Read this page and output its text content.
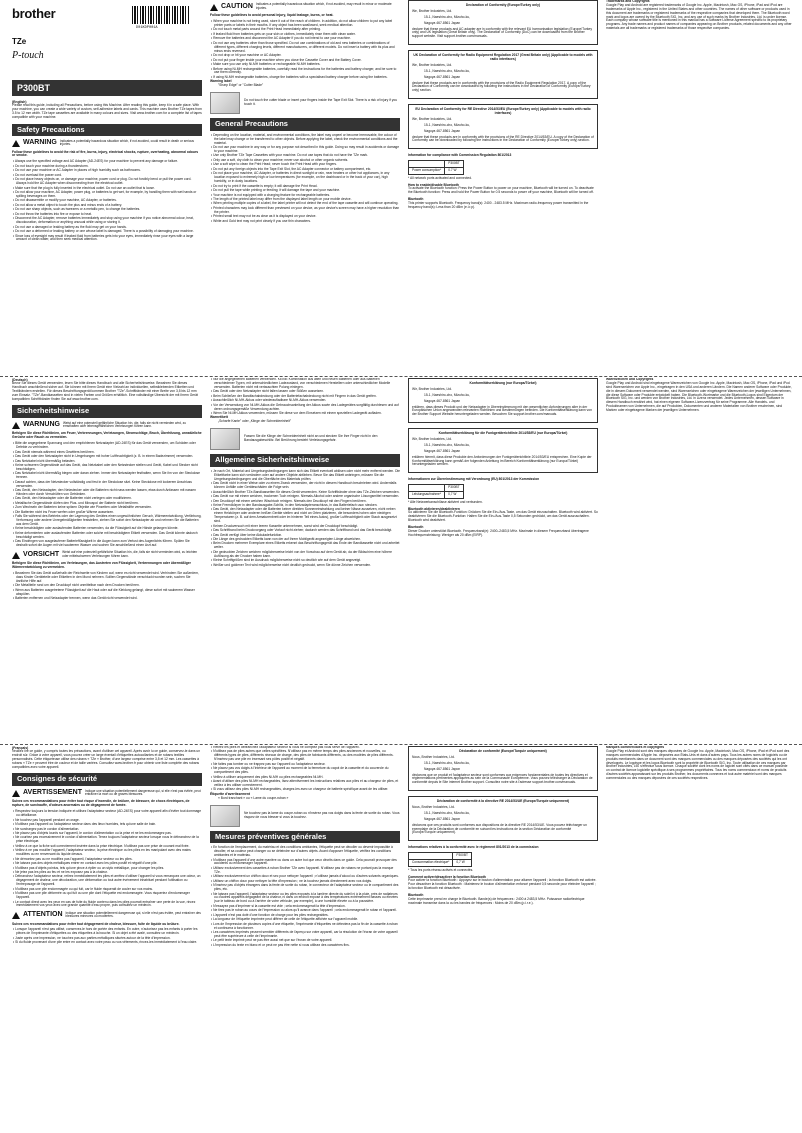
brother
D01KDP001A
TZe
P-touch
P300BT
(English)

Please read this guide, including all Precautions, before using this Machine. After reading this guide, keep it in a safe place. With your machine, you can create a wide variety of custom, self-adhesive labels and cards. This machine uses Brother TZe tapes from 3.5 to 12 mm width. TZe tape cassettes are available in many colours and sizes. Visit www.brother.com for a complete list of tapes compatible with your machine.

Safety Precautions
WARNING Indicates a potentially hazardous situation which, if not avoided, could result in death or serious injuries.

Follow these guidelines to avoid the risk of fire, burns, injury, electrical shocks, rupture, overheating, abnormal odours or smoke.

• Always use the specified voltage and AC Adapter (AD-24ES) for your machine to prevent any damage or failure.
• Do not touch your machine during a thunderstorm.
• Do not use your machine or AC Adapter in places of high humidity such as bathrooms.
• Do not overload the power cord.
• Do not place heavy objects on, or damage your machine, power cord or plug. Do not forcibly bend or pull the power cord. Always hold the AC Adapter when disconnecting from the electrical outlet.
• Make sure that the plug is fully inserted in the electrical outlet. Do not use an outlet that is loose.
• Do not allow your machine, AC Adapter, power plug, or batteries to get wet, for example, by handling them with wet hands or spilling beverages on them.
• Do not disassemble or modify your machine, AC Adapter, or batteries.
• Do not allow a metal object to touch the plus and minus ends of a battery.
• Do not use sharp objects, such as tweezers or a metallic pen, to change the batteries.
• Do not throw the batteries into fire or expose to heat.
• Disconnect the AC Adapter, remove batteries immediately and stop using your machine if you notice abnormal odour, heat, discolouration, deformation or anything unusual while using or storing it.
• Do not use a damaged or leaking battery as the fluid may get on your hands.
• Do not use a deformed or leaking battery or one whose label is damaged. There is a possibility of damaging your machine.
• Since loss of eyesight may result if leaked fluid from batteries gets into your eyes, immediately rinse your eyes with a large amount of clean water, and then seek medical attention.
CAUTION Indicates a potentially hazardous situation which, if not avoided, may result in minor or moderate injuries.

Follow these guidelines to avoid personal injury, liquid leakage, burns, or heat.

• When your machine is not being used, store it out of the reach of children. In addition, do not allow children to put any label printer parts or labels in their mouths. If any object has been swallowed, seek medical attention.
• Do not touch metal parts around the Print Head immediately after printing.
• If leaked fluid from batteries gets on your skin or clothes, immediately rinse them with clean water.
• Remove the batteries and disconnect the AC Adapter if you do not intend to use your machine.
• Do not use any batteries other than those specified. Do not use combinations of old and new batteries or combinations of different types, different charging levels, different manufacturers, or different models. Do not insert a battery with its plus and minus ends reversed.
• Do not drop or hit your machine or AC Adapter.
• Do not put your finger inside your machine when you close the Cassette Cover and the Battery Cover.
• Make sure you use only Ni-MH batteries or rechargeable Ni-MH batteries.
• Before using Ni-MH rechargeable batteries, carefully read the instructions for the batteries and battery charger, and be sure to use them correctly.
• If using Ni-MH rechargeable batteries, charge the batteries with a specialised battery charger before using the batteries.
Warning label
"Sharp Edge" or "Cutter Blade"
Do not touch the cutter blade or insert your fingers inside the Tape Exit Slot. There is a risk of injury if you touch it.
General Precautions
• Depending on the location, material, and environmental conditions, the label may unpeel or become irremovable, the colour of the label may change or be transferred to other objects. Before applying the label, check the environmental conditions and the material.
• Do not use your machine in any way or for any purpose not described in this guide. Doing so may result in accidents or damage to your machine.
• Use only Brother TZe Tape Cassettes with your machine. Do not use tapes that do not have the TZe mark.
• Only use a soft, dry cloth to clean your machine; never use alcohol or other organic solvents.
• Use a soft wipe to clean the Print Head; never touch the Print Head with your fingers.
• Do not put any foreign objects into the Tape Exit Slot, the AC Adapter connector or battery compartment, etc.
• Do not place your machine, AC Adapter, or batteries in direct sunlight or rain, near heaters or other hot appliances, in any location exposed to extremely high or low temperatures (for example, on the dashboard or in the back of your car), high humidity, or in dusty locations.
• Do not try to print if the cassette is empty; it will damage the Print Head.
• Do not pull the tape while printing or feeding; it will damage the tape and your machine.
• Your machine is not equipped with a charging feature for rechargeable batteries.
• The length of the printed label may differ from the displayed label length on your mobile device.
• When printing multiple copies of a label, the label printer will not detect the end of the tape cassette and will continue operating.
• Printed characters may look different than previewed on your device, as your device's screen may have a higher resolution than the printer.
• Printed small text may not be as clear as it is displayed on your device.
• White and Gold text may not print clearly if you use thin characters.
Declaration of Conformity (Europe/Turkey only)
We, Brother Industries, Ltd.
15-1, Naeshiro-cho, Mizuho-ku,
Nagoya 467-8561 Japan

declare that these products and AC adapter are in conformity with the relevant EU harmonisation legislation (Europe/Turkey only) and UK legislation (Great Britain only). The Declaration of Conformity (DoC) can be downloaded from the Brother support website. Visit support.brother.com/manuals.

UK Declaration of Conformity for Radio Equipment Regulation 2017 (Great Britain only) (Applicable to models with radio interfaces)
We, Brother Industries, Ltd.
15-1, Naeshiro-cho, Mizuho-ku,
Nagoya 467-8561 Japan

declare that these products are in conformity with the provisions of the Radio Equipment Regulation 2017. A copy of the Declaration of Conformity can be downloaded by following the instructions in the Declaration of Conformity (Europe/Turkey only) section.

EU Declaration of Conformity for RE Directive 2014/53/EU (Europe/Turkey only) (Applicable to models with radio interfaces)
We, Brother Industries, Ltd.
15-1, Naeshiro-cho, Mizuho-ku,
Nagoya 467-8561 Japan

declare that these products are in conformity with the provisions of the RE Directive 2014/53/EU. A copy of the Declaration of Conformity can be downloaded by following the instructions in the Declaration of Conformity (Europe/Turkey only) section.

Information for compliance with Commission Regulation 801/2013
	P300BT
Power consumption*	0.7 W
* All network ports activated and connected.
How to enable/disable Bluetooth

To activate the Bluetooth function: Press the Power Button to power on your machine, Bluetooth will be turned on. To deactivate the Bluetooth function: Press and hold the Power Button for 0.5 seconds to power off your machine, Bluetooth will be turned off.

Bluetooth

This printer supports Bluetooth. Frequency band(s): 2400 - 2483.5 MHz. Maximum radio-frequency power transmitted in the frequency band(s): Less than 20 dBm (e.i.r.p).

Trademarks and Copyrights

Google Play and Android are registered trademarks of Google Inc. Apple, Macintosh, Mac OS, iPhone, iPad and iPod are trademarks of Apple Inc., registered in the United States and other countries. The names of other software or products used in this document are trademarks or registered trademarks of the respective companies that developed them. The Bluetooth word mark and logos are owned by the Bluetooth SIG, Inc. and any use of such marks by Brother Industries, Ltd. is under license. Each company whose software title is mentioned in this manual has a Software License Agreement specific to its proprietary programs. Any trade names and product names of companies appearing on Brother products, related documents and any other materials are all trademarks or registered trademarks of those respective companies.

(Deutsch)

Bevor Sie dieses Gerät verwenden, lesen Sie bitte dieses Handbuch und alle Sicherheitshinweise. Bewahren Sie dieses Handbuch anschließend sicher auf. Sie können mit Ihrem Gerät eine Vielzahl an individuellen, selbstklebenden Etiketten und Textilbändern erstellen. Für dieses Beschriftungsgerät kommen Brother "TZe"-Schriftbänder mit einer Breite von 3,5 bis 12 mm zum Einsatz. "TZe"-Bandkassetten sind in vielen Farben und Größen erhältlich. Eine vollständige Übersicht der mit Ihrem Gerät kompatiblen Schriftbänder finden Sie auf www.brother.com.

Sicherheitshinweise
WARNUNG Weist auf eine potenziell gefährliche Situation hin, die, falls sie nicht vermieden wird, zu ernsthaften oder lebensgefährlichen Verletzungen führen kann.

Befolgen Sie diese Richtlinien, um Feuer, Verbrennungen, Verletzungen, Stromschläge, Bruch, Überhitzung, unnatürliche Gerüche oder Rauch zu vermeiden.

• Bitte die angegebene Spannung und den empfohlenen Netzadapter (AD-24ES) für das Gerät verwenden, um Schäden oder Defekte zu verhindern.
• Das Gerät niemals während eines Gewitters berühren.
• Das Gerät oder den Netzadapter nicht in Umgebungen mit hoher Luftfeuchtigkeit (z. B. in einem Badezimmer) verwenden.
• Das Netzkabel nicht übermäßig belasten.
• Keine schweren Gegenstände auf das Gerät, das Netzkabel oder den Netzstecker stellen und Gerät, Kabel und Stecker nicht beschädigen.
• Das Netzkabel nicht übermäßig biegen oder daran ziehen. Immer den Netzadapter festhalten, wenn Sie ihn von der Steckdose trennen.
• Darauf achten, dass der Netzstecker vollständig und fest in der Steckdose sitzt. Keine Steckdose mit lockerem Anschluss verwenden.
• Das Gerät, den Netzadapter, den Netzstecker oder die Batterien nicht nass werden lassen, etwa durch Anfassen mit nassen Händen oder durch Verschütten von Getränken.
• Das Gerät, den Netzadapter oder die Batterien nicht zerlegen oder modifizieren.
• Metallische Gegenstände dürfen den Plus- und Minuspol der Batterie nicht berühren.
• Zum Wechseln der Batterien keine spitzen Objekte wie Pinzetten oder Metallstifte verwenden.
• Die Batterien nicht ins Feuer werfen oder großer Wärme aussetzen.
• Falls Sie während des Betriebs oder der Lagerung des Gerätes einen ungewöhnlichen Geruch, Wärmeentwicklung, Verfärbung, Verformung oder andere Unregelmäßigkeiten feststellen, ziehen Sie sofort den Netzadapter ab und nehmen Sie die Batterien aus dem Gerät.
• Keine beschädigten oder auslaufenden Batterien verwenden, da die Flüssigkeit auf die Hände gelangen könnte.
• Keine deformierten oder auslaufenden Batterien oder solche mit beschädigtem Etikett verwenden. Das Gerät könnte dadurch beschädigt werden.
• Das Eindringen von ausgelaufener Batterieflüssigkeit in die Augen kann zum Verlust des Augenlichts führen. Spülen Sie deshalb sofort die Augen mit viel sauberem Wasser und suchen Sie anschließend einen Arzt auf.
VORSICHT Weist auf eine potenziell gefährliche Situation hin, die, falls sie nicht vermieden wird, zu leichten oder mittelschweren Verletzungen führen kann.

Befolgen Sie diese Richtlinien, um Verletzungen, das Austreten von Flüssigkeit, Verbrennungen oder übermäßiger Wärmeentwicklung zu vermeiden.

• Bewahren Sie das Gerät außerhalb der Reichweite von Kindern auf, wenn es nicht verwendet wird. Verhindern Sie außerdem, dass Kinder Geräteteile oder Etiketten in den Mund nehmen. Sollten Gegenstände verschluckt worden sein, suchen Sie ärztliche Hilfe auf.
• Die Metallteile rund um den Druckkopf nicht unmittelbar nach dem Drucken berühren.
• Wenn aus Batterien ausgetretene Flüssigkeit auf die Haut oder auf die Kleidung gelangt, diese sofort mit sauberem Wasser abspülen.
• Batterien entfernen und Netzadapter trennen, wenn das Gerät nicht verwendet wird.
• Nur die angegebenen Batterien verwenden. KEINE Kombination aus alten und neuen Batterien oder aus Batterien verschiedener Typen, mit unterschiedlichem Ladezustand, von verschiedenen Herstellern oder unterschiedlicher Modelle verwenden. Batterien nicht mit vertauschten Polung einlegen.
• Das Gerät oder den Netzadapter nicht fallen lassen oder Stößen aussetzen.
• Beim Schließen der Bandfachabdeckung oder der Batteriefachabdeckung nicht mit Fingern in das Gerät greifen.
• Ausschließlich Ni-MH-Akkus oder wiederaufladbare Ni-MH-Akkus verwenden.
• Vor der Verwendung von Ni-MH-Akkus die Gebrauchsanleitung der Akkus sowie des Ladegerätes sorgfältig durchlesen und auf deren ordnungsgemäße Verwendung achten.
• Wenn Sie Ni-MH-Akkus verwenden, müssen Sie diese vor dem Einsetzen mit einem speziellen Ladegerät aufladen.
Warnetikett
„Scharfe Kante" oder „Klinge der Schneideeinheit"
Fassen Sie die Klinge der Schneideeinheit nicht an und stecken Sie Ihre Finger nicht in den Bandausgabeschlitz. Bei Berührung besteht Verletzungsgefahr.
Allgemeine Sicherheitshinweise
• Je nach Ort, Material und Umgebungsbedingungen kann sich das Etikett eventuell ablösen oder nicht mehr entfernt werden. Die Etikettfarbe kann sich verändern oder auf andere Objekte abfärben. Bevor Sie das Etikett anbringen, müssen Sie die Umgebungsbedingungen und die Oberfläche des Materials prüfen.
• Das Gerät nicht in einer Weise oder zu einem Zweck verwenden, der nicht in diesem Handbuch beschrieben wird. Andernfalls können Unfälle oder Geräteschäden die Folge sein.
• Ausschließlich Brother TZe-Bandkassetten für dieses Gerät verwenden. Keine Schriftbänder ohne das TZe-Zeichen verwenden.
• Das Gerät nur mit einem weichen, trockenen Tuch reinigen. Niemals Alkohol oder andere organische Lösungsmittel verwenden.
• Den Druckkopf mit einem weichen Wischtuch reinigen. Niemals den Druckkopf mit den Fingern berühren.
• Keine Fremdkörper in den Bandausgabe-Schlitz, in den Netzadapteranschluss, in das Batteriefach usw. stecken.
• Das Gerät, den Netzadapter oder die Batterien keiner direkten Sonneneinstrahlung und keiner Nässe aussetzen, nicht neben einem Heizkörper oder anderen heißen Geräte stellen und nicht an Orten platzieren, die besonders hohen oder niedrigen Temperaturen (z. B. auf dem Armaturenbrett oder im hinteren Teil eines Autos), großer Luftfeuchtigkeit oder Staub ausgesetzt sind.
• Keinen Druckversuch mit einer leeren Kassette unternehmen, sonst wird der Druckkopf beschädigt.
• Das Schriftband beim Druckvorgang oder Vorlauf nicht ziehen; dadurch werden das Schriftband und das Gerät beschädigt.
• Das Gerät verfügt über keine Akkuladefunktion.
• Die Länge des gedruckten Etiketts kann von der auf Ihrem Mobilgerät angezeigten Länge abweichen.
• Beim Drucken mehrerer Exemplare eines Etiketts erkennt das Beschriftungsgerät das Ende der Bandkassette nicht und arbeitet weiter.
• Die gedruckten Zeichen weichen möglicherweise leicht von der Vorschau auf dem Gerät ab, da der Bildschirm eine höhere Auflösung als der Drucker haben kann.
• Kleine Schriftgrößen sind im Ausdruck möglicherweise nicht so deutlich wie auf dem Gerät angezeigt.
• Weißer und goldener Text wird möglicherweise nicht deutlich gedruckt, wenn Sie dünne Zeichen verwenden.
Konformitätserklärung (nur Europa/Türkei)
Wir, Brother Industries, Ltd.
15-1, Naeshiro-cho, Mizuho-ku,
Nagoya 467-8561 Japan

erklären, dass dieses Produkt und der Netzadapter in Übereinstimmung mit den wesentlichen Anforderungen aller in der Europäischen Union angewandten relevanten Richtlinien und Bestimmungen befinden. Die Konformitätserklärung kann von der Brother Support Website heruntergeladen werden. Besuchen Sie support.brother.com/manuals.

Konformitätserklärung für die Funkgeräterichtlinie 2014/53/EU (nur Europa/Türkei)
Wir, Brother Industries, Ltd.
15-1, Naeshiro-cho, Mizuho-ku,
Nagoya 467-8561 Japan

erklären hiermit, dass diese Produkte den Anforderungen der Funkgeräterichtlinie 2014/53/EU entsprechen. Eine Kopie der Konformitätserklärung kann gemäß der folgenden Anleitung im Bereich Konformitätserklärung (nur Europa/Türkei) heruntergeladen werden.

Informationen zur Übereinstimmung mit Verordnung (EU) 801/2013 der Kommission
	P300BT
Leistungsaufnahme*	0,7 W
* Alle Netzwerkanschlüsse aktiviert und verbunden.
Bluetooth aktivieren/deaktivieren

So aktivieren Sie die Bluetooth-Funktion: Drücken Sie die Ein-/Aus-Taste, um das Gerät einzuschalten. Bluetooth wird aktiviert. So deaktivieren Sie die Bluetooth-Funktion: Halten Sie die Ein-/Aus-Taste 0,5 Sekunden gedrückt, um das Gerät auszuschalten. Bluetooth wird deaktiviert.

Bluetooth

Dieser Drucker unterstützt Bluetooth. Frequenzband(e): 2400–2483,5 MHz. Maximale in diesem Frequenzband übertragene Hochfrequenzleistung: Weniger als 20 dBm (EIRP).

Warenzeichen und Copyrights

Google Play und Android sind eingetragene Warenzeichen von Google Inc. Apple, Macintosh, Mac OS, iPhone, iPad und iPod sind Warenzeichen von Apple Inc., eingetragen in den USA und anderen Ländern. Die Namen anderer Software oder Produkte, die in diesem Dokument verwendet werden, sind Warenzeichen oder eingetragene Warenzeichen der jeweiligen Unternehmen, die diese Software oder Produkte entwickelt haben. Die Bluetooth-Wortmarke und die Bluetooth-Logos sind Eigentum der Bluetooth SIG, Inc. und werden von Brother Industries, Ltd. in Lizenz verwendet. Jedes Unternehmen, dessen Software in diesem Handbuch erwähnt wird, hat einen eigenen Software-Lizenzvertrag für seine Programme. Alle Handels- und Produktnamen von Unternehmen, die auf Produkten, Dokumenten und anderen Materialien von Brother erscheinen, sind Marken oder eingetragene Marken der jeweiligen Unternehmen.

(Français)

Veuillez lire ce guide, y compris toutes les précautions, avant d'utiliser cet appareil. Après avoir lu ce guide, conservez-le dans un endroit sûr. Grâce à votre appareil, vous pouvez créer un large éventail d'étiquettes autocollantes et de rubans textiles personnalisés. Cette étiqueteuse utilise des rubans « TZe » Brother, d'une largeur comprise entre 3,5 et 12 mm. Les cassettes à rubans « TZe » peuvent être de couleur et de taille variées. Consultez www.brother.fr pour obtenir une liste complète des rubans compatibles avec votre appareil.

Consignes de sécurité
AVERTISSEMENT Indique une situation potentiellement dangereuse qui, si elle n'est pas évitée, peut entraîner la mort ou de graves blessures.

Suivez ces recommandations pour éviter tout risque d'incendie, de brûlure, de blessure, de chocs électriques, de rupture, de surchauffe, d'odeurs anormales ou de dégagement de fumée.

• Respectez toujours la tension indiquée et utilisez l'adaptateur secteur (AD-24ES) pour votre appareil afin d'éviter tout dommage ou défaillance.
• Ne touchez pas l'appareil pendant un orage.
• N'utilisez pas l'appareil ou l'adaptateur secteur dans des lieux humides, tels qu'une salle de bain.
• Ne surchargez pas le cordon d'alimentation.
• Ne placez pas d'objets lourds sur l'appareil, le cordon d'alimentation ou la prise et ne les endommagez pas.
• Ne courbez pas excessivement le cordon d'alimentation. Tenez toujours l'adaptateur secteur lorsque vous le débranchez de la prise électrique.
• Veillez à ce que la fiche soit correctement insérée dans la prise électrique. N'utilisez pas une prise de courant mal fixée.
• Veillez à ne pas mouiller l'appareil, l'adaptateur secteur, la prise électrique ou les piles en les manipulant avec des mains mouillées ou en renversant du liquide dessus.
• Ne démontez pas ou ne modifiez pas l'appareil, l'adaptateur secteur ou les piles.
• Ne laissez pas des objets métalliques entrer en contact avec les pôles positif et négatif d'une pile.
• N'utilisez pas d'objets pointus, tels qu'une pince à épiler ou un stylo métallique, pour changer les piles.
• Ne jetez pas les piles au feu et ne les exposez pas à la chaleur.
• Débranchez l'adaptateur secteur, retirez immédiatement les piles et arrêtez d'utiliser l'appareil si vous remarquez une odeur, un dégagement de chaleur, une décoloration, une déformation ou tout autre événement inhabituel pendant l'utilisation ou l'entreposage de l'appareil.
• N'utilisez pas une pile endommagée ou qui fuit, car le fluide risquerait de couler sur vos mains.
• N'utilisez pas une pile déformée ou qui fuit ou une pile dont l'étiquette est endommagée. Vous risqueriez d'endommager l'appareil.
• Le contact direct avec les yeux en cas de fuite du fluide contenu dans les piles pourrait entraîner une perte de la vue, rincez immédiatement vos yeux avec une grande quantité d'eau propre, puis consultez un médecin.
ATTENTION Indique une situation potentiellement dangereuse qui, si elle n'est pas évitée, peut entraîner des blessures mineures ou modérées.

Suivez ces recommandations pour éviter tout dégagement de chaleur, blessure, fuite de liquide ou brûlure.

• Lorsque l'appareil n'est pas utilisé, conservez-le hors de portée des enfants. En outre, n'autorisez pas les enfants à porter les pièces de l'imprimante d'étiquettes ou des étiquettes à la bouche. Si un objet a été avalé, consultez un médecin.
• Juste après une impression, ne touchez pas aux parties métalliques situées autour de la tête d'impression.
• Si du fluide provenant d'une pile entre en contact avec votre peau ou vos vêtements, rincez-les immédiatement à l'eau claire.
• Retirez les piles et débranchez l'adaptateur secteur si vous ne comptez pas vous servir de l'appareil.
• N'utilisez pas de piles autres que celles spécifiées. N'utilisez pas en même temps des piles anciennes et nouvelles, ou différents types de piles, différents niveaux de charge, des piles de fabricants différents, ou des modèles de piles différents. N'insérez pas une pile en inversant ses pôles positif et négatif.
• Ne faites pas tomber ou ne frappez pas sur l'appareil ou l'adaptateur secteur.
• Ne placez pas vos doigts à l'intérieur de l'appareil au moment de la fermeture du capot de la cassette et du couvercle du compartiment des piles.
• Veillez à utiliser uniquement des piles Ni-MH ou piles rechargeables Ni-MH.
• Avant d'utiliser des piles Ni-MH rechargeables, lisez attentivement les instructions relatives aux piles et au chargeur de piles, et veillez à les utiliser correctement.
• Si vous utilisez des piles Ni-MH rechargeables, chargez-les avec un chargeur de batterie spécifique avant de les utiliser.
Étiquette d'avertissement
« Bord tranchant » ou « Lame du coupe-ruban »
Ne touchez pas la lame du coupe-ruban ou n'insérez pas vos doigts dans la fente de sortie du ruban. Vous risquez de vous blesser si vous la touchez.
Mesures préventives générales
• En fonction de l'emplacement, du matériau et des conditions ambiantes, l'étiquette peut se décoller ou devenir impossible à décoller, et sa couleur peut changer ou se déteindre sur d'autres objets. Avant d'apposer l'étiquette, vérifiez les conditions ambiantes et le matériau.
• N'utilisez pas l'appareil d'une autre manière ou dans un autre but que ceux décrits dans ce guide. Cela pourrait provoquer des accidents ou endommager l'appareil.
• Utilisez exclusivement des cassettes à ruban Brother TZe avec l'appareil. N'utilisez pas de rubans ne portant pas la marque TZe.
• Utilisez exclusivement un chiffon doux et sec pour nettoyer l'appareil ; n'utilisez jamais d'alcool ou d'autres solvants organiques.
• Utilisez un chiffon doux pour nettoyer la tête d'impression ; ne la touchez jamais directement avec vos doigts.
• N'insérez pas d'objets étrangers dans la fente de sortie du ruban, le connecteur de l'adaptateur secteur ou le compartiment des piles, etc.
• Ne laissez pas l'appareil, l'adaptateur secteur ou les piles exposés à la lumière directe du soleil ni à la pluie, près de radiateurs ou d'autres appareils dégageant de la chaleur, ni dans un endroit exposé à des températures extrêmement basses ou élevées (sur le tableau de bord ou à l'arrière de votre véhicule, par exemple), à une humidité élevée ou à la poussière.
• N'essayez pas d'imprimer si la cassette est vide ; cela endommagerait la tête d'impression.
• Ne tirez pas le ruban au cours de l'impression ou alors qu'il avance dans l'appareil ; cela endommagerait le ruban et l'appareil.
• L'appareil n'est pas doté d'une fonction de charge pour les piles rechargeables.
• La longueur de l'étiquette imprimée peut différer de celle de l'étiquette affichée sur l'appareil mobile.
• Lors de l'impression de plusieurs copies d'une étiquette, l'imprimante d'étiquettes ne détectera pas la fin de la cassette à ruban et continuera à fonctionner.
• Les caractères imprimés peuvent sembler différents de l'aperçu sur votre appareil, car la résolution de l'écran de votre appareil peut être supérieure à celle de l'imprimante.
• Le petit texte imprimé peut ne pas être aussi net que sur l'écran de votre appareil.
• L'impression du texte en blanc et or peut ne pas être nette si vous utilisez des caractères fins.
Déclaration de conformité (Europe/Turquie uniquement)
Nous, Brother Industries, Ltd.
15-1, Naeshiro-cho, Mizuho-ku,
Nagoya 467-8561 Japon

déclarons que ce produit et l'adaptateur secteur sont conformes aux exigences fondamentales de toutes les directives et réglementations pertinentes appliquées au sein de la Communauté Européenne. Vous pouvez télécharger la Déclaration de conformité depuis le Site internet Brother support. Consultez notre site à l'adresse support.brother.com/manuals.

Déclaration de conformité à la directive RE 2014/53/UE (Europe/Turquie uniquement)
Nous, Brother Industries, Ltd.
15-1, Naeshiro-cho, Mizuho-ku,
Nagoya 467-8561 Japon

déclarons que ces produits sont conformes aux dispositions de la directive RE 2014/53/UE. Vous pouvez télécharger un exemplaire de la Déclaration de conformité en suivant les instructions de la section Déclaration de conformité (Europe/Turquie uniquement).

Informations relatives à la conformité avec le règlement 801/2013 de la commission
	P300BT
Consommation électrique*	0,7 W
* Tous les ports réseau activés et connectés.
Comment activer/désactiver la fonction Bluetooth

Pour activer la fonction Bluetooth : Appuyez sur le bouton d'alimentation pour allumer l'appareil ; la fonction Bluetooth est activée. Pour désactiver la fonction Bluetooth : Maintenez le bouton d'alimentation enfoncé pendant 0,5 seconde pour éteindre l'appareil ; la fonction Bluetooth est désactivée.

Bluetooth

Cette imprimante prend en charge le Bluetooth. Bande(s) de fréquences : 2400 à 2483,5 MHz. Puissance radioélectrique maximale transmise dans la ou les bandes de fréquences : Moins de 20 dBm (p.i.r.e.).

Marques commerciales et copyrights

Google Play et Android sont des marques déposées de Google Inc. Apple, Macintosh, Mac OS, iPhone, iPad et iPod sont des marques commerciales d'Apple Inc. déposées aux États-Unis et dans d'autres pays. Tous les autres noms de logiciels ou de produits mentionnés dans ce document sont des marques commerciales ou des marques déposées des sociétés qui les ont développés. Le logotype et les logos Bluetooth sont la propriété de Bluetooth SIG, Inc. Toute utilisation de ces marques par Brother Industries, Ltd. s'effectue sous licence. Chaque société dont les noms de logiciel sont cités dans ce manuel possède un contrat de licence logicielle spécifique à ses programmes propriétaires. Tous les noms commerciaux et noms de produits d'autres sociétés apparaissant sur les produits Brother, les documents connexes et tout autre matériel sont des marques commerciales ou des marques déposées de ces sociétés respectives.
